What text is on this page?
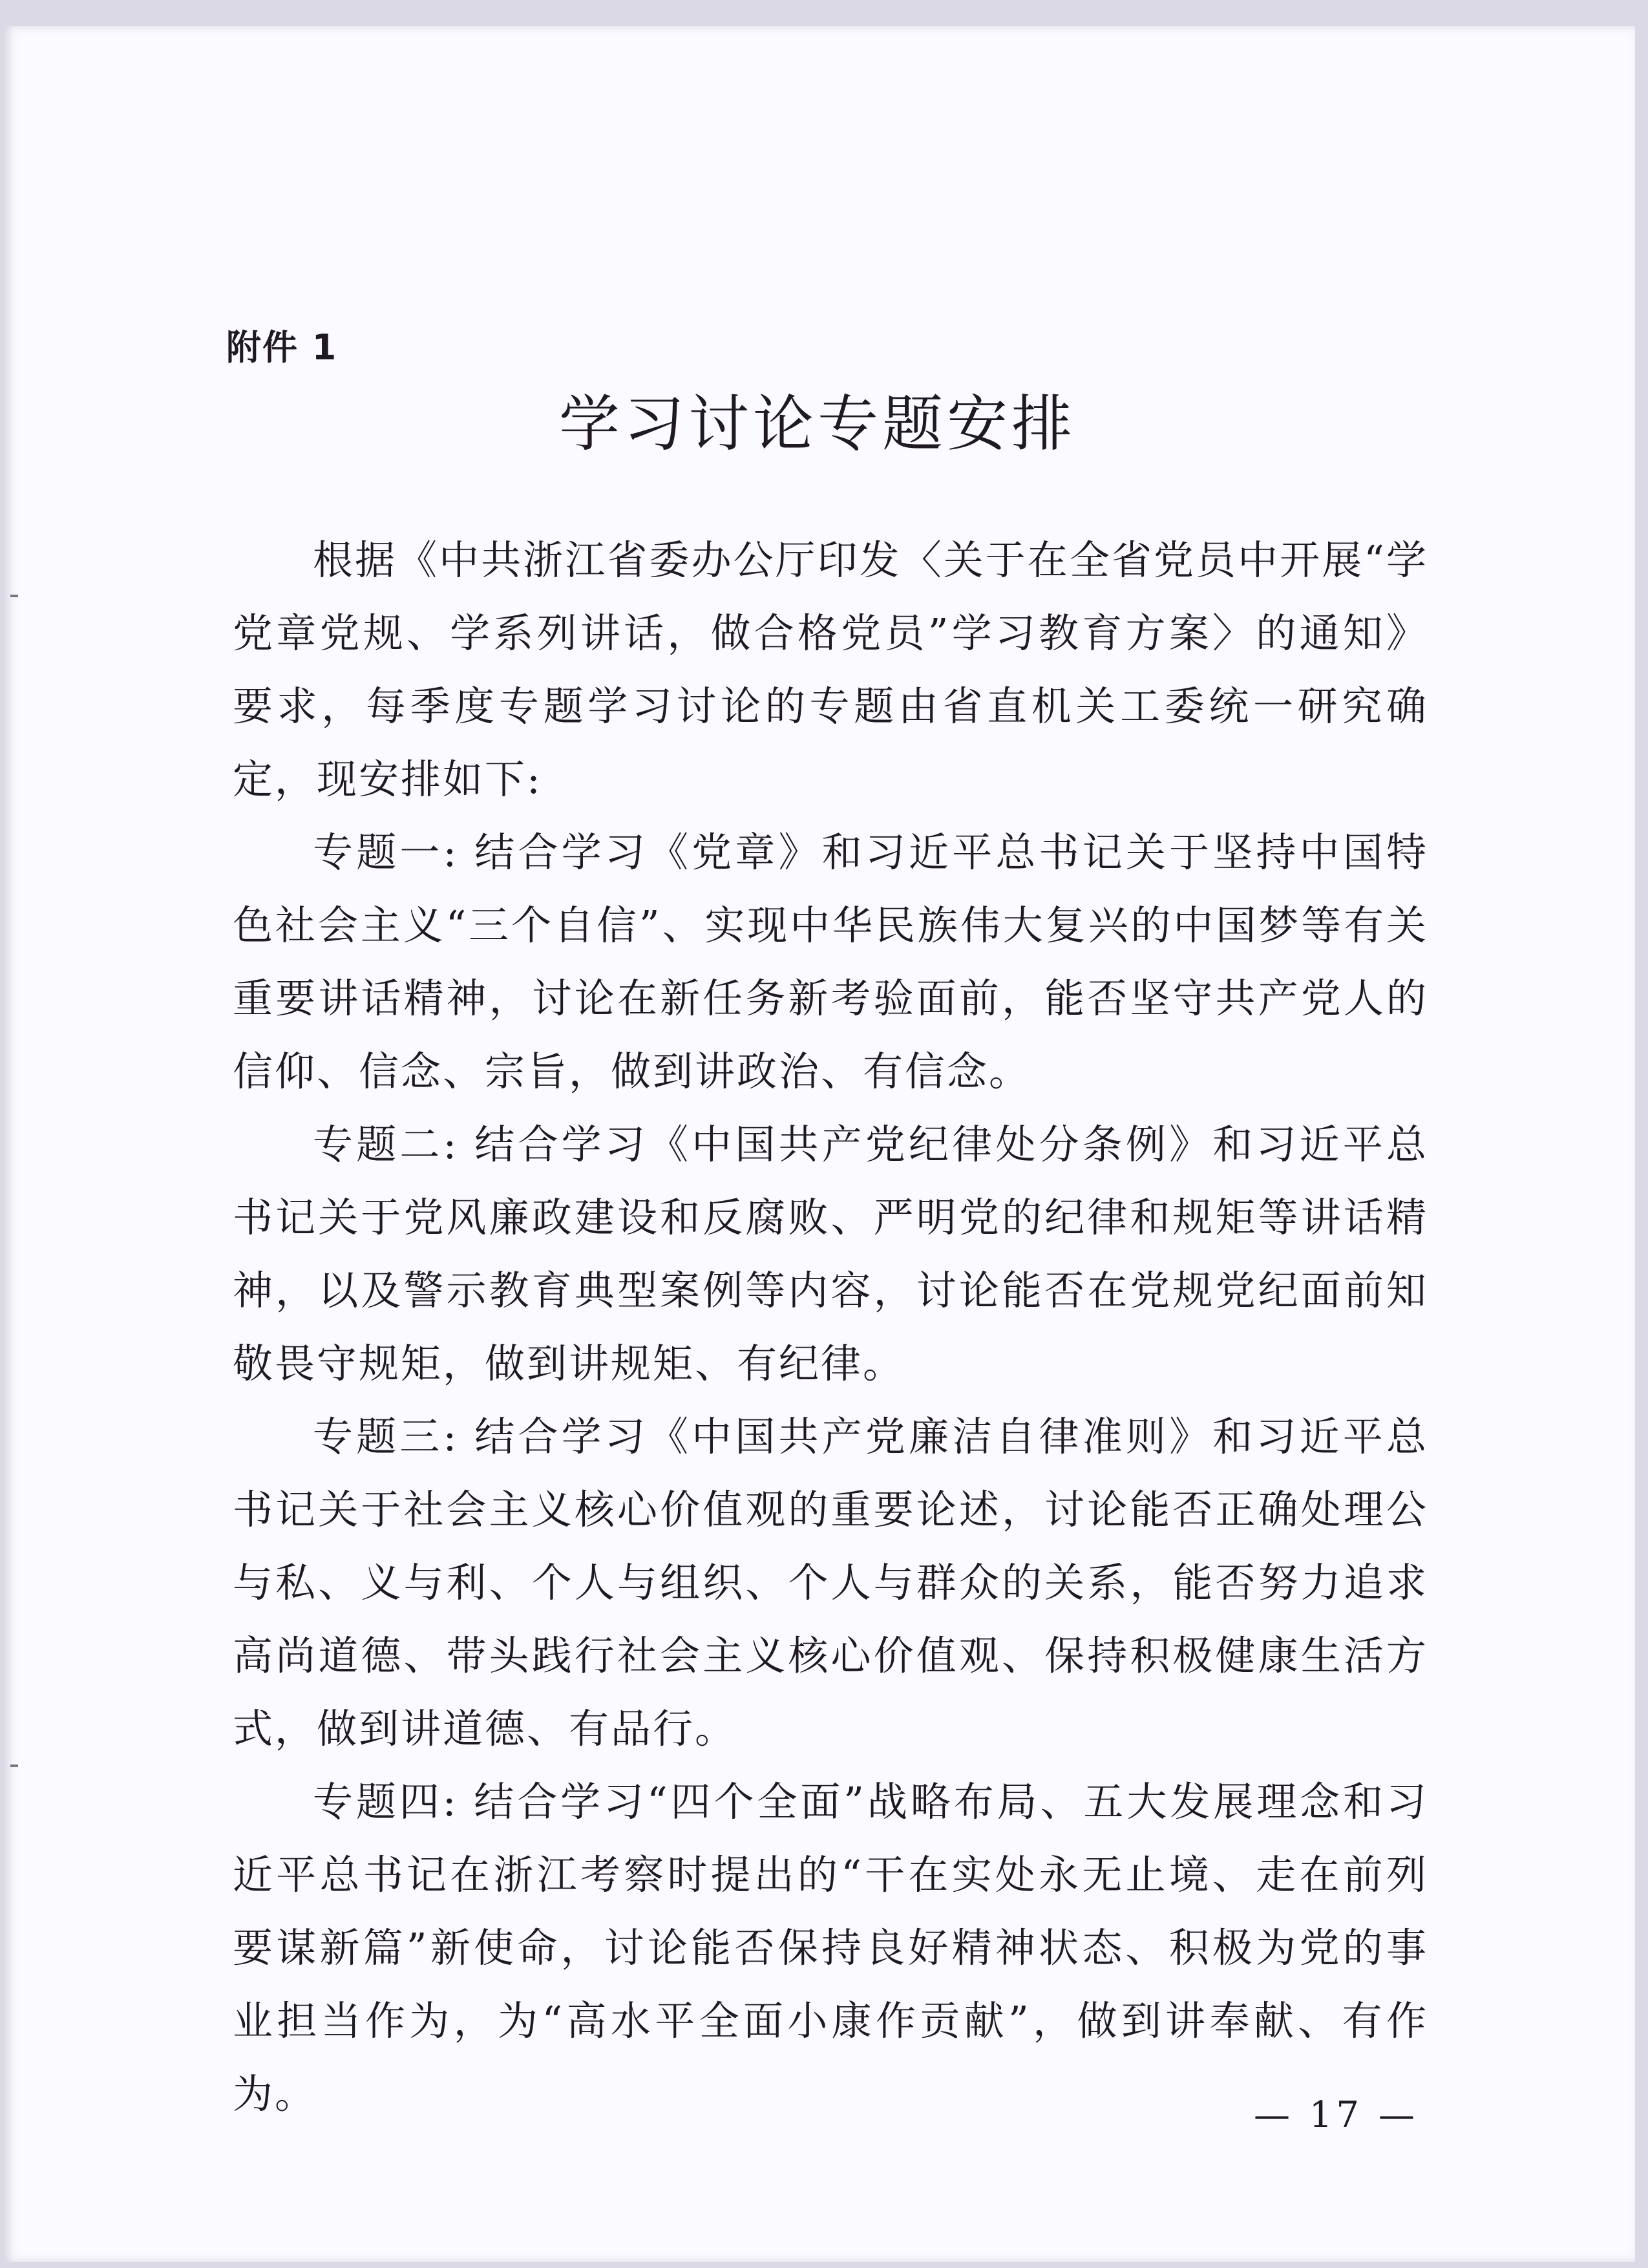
附件 1
学习讨论专题安排

根据《中共浙江省委办公厅印发〈关于在全省党员中开展“学党章党规、学系列讲话，做合格党员”学习教育方案〉的通知》要求，每季度专题学习讨论的专题由省直机关工委统一研究确定，现安排如下:

专题一: 结合学习《党章》和习近平总书记关于坚持中国特色社会主义“三个自信”、实现中华民族伟大复兴的中国梦等有关重要讲话精神，讨论在新任务新考验面前，能否坚守共产党人的信仰、信念、宗旨，做到讲政治、有信念。

专题二: 结合学习《中国共产党纪律处分条例》和习近平总书记关于党风廉政建设和反腐败、严明党的纪律和规矩等讲话精神，以及警示教育典型案例等内容，讨论能否在党规党纪面前知敬畏守规矩，做到讲规矩、有纪律。

专题三: 结合学习《中国共产党廉洁自律准则》和习近平总书记关于社会主义核心价值观的重要论述，讨论能否正确处理公与私、义与利、个人与组织、个人与群众的关系，能否努力追求高尚道德、带头践行社会主义核心价值观、保持积极健康生活方式，做到讲道德、有品行。

专题四: 结合学习“四个全面”战略布局、五大发展理念和习近平总书记在浙江考察时提出的“干在实处永无止境、走在前列要谋新篇”新使命，讨论能否保持良好精神状态、积极为党的事业担当作为，为“高水平全面小康作贡献”，做到讲奉献、有作为。	— 17 —
